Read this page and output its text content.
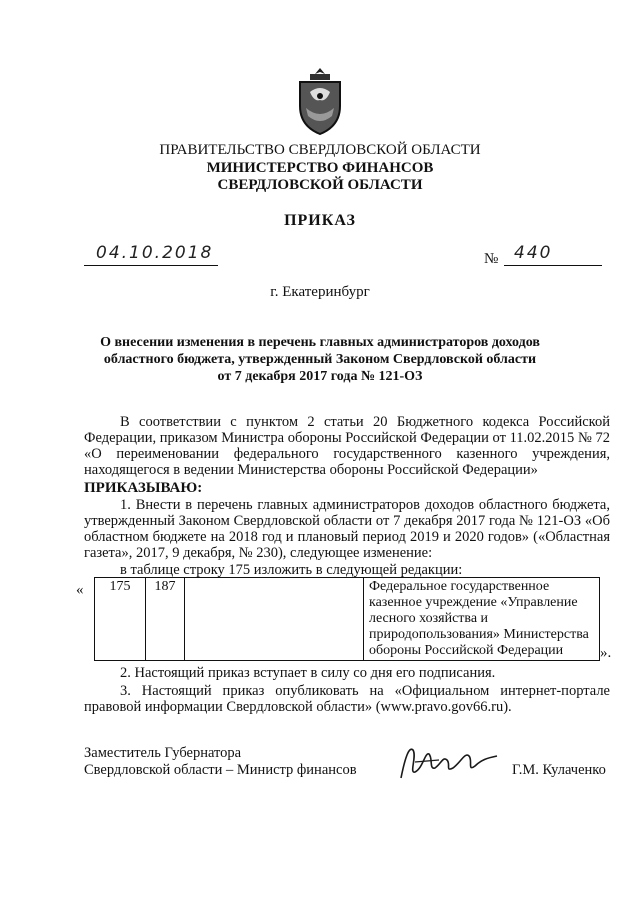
ПРАВИТЕЛЬСТВО СВЕРДЛОВСКОЙ ОБЛАСТИ
МИНИСТЕРСТВО ФИНАНСОВ
СВЕРДЛОВСКОЙ ОБЛАСТИ
ПРИКАЗ
04.10.2018	№ 440
г. Екатеринбург
О внесении изменения в перечень главных администраторов доходов
областного бюджета, утвержденный Законом Свердловской области
от 7 декабря 2017 года № 121-ОЗ

В соответствии с пунктом 2 статьи 20 Бюджетного кодекса Российской Федерации, приказом Министра обороны Российской Федерации от 11.02.2015 № 72 «О переименовании федерального государственного казенного учреждения, находящегося в ведении Министерства обороны Российской Федерации»

ПРИКАЗЫВАЮ:

1. Внести в перечень главных администраторов доходов областного бюджета, утвержденный Законом Свердловской области от 7 декабря 2017 года № 121-ОЗ «Об областном бюджете на 2018 год и плановый период 2019 и 2020 годов» («Областная газета», 2017, 9 декабря, № 230), следующее изменение:

в таблице строку 175 изложить в следующей редакции:
« 175	187		Федеральное государственное казенное учреждение «Управление лесного хозяйства и природопользования» Министерства обороны Российской Федерации ».

2. Настоящий приказ вступает в силу со дня его подписания.

3. Настоящий приказ опубликовать на «Официальном интернет-портале правовой информации Свердловской области» (www.pravo.gov66.ru).

Заместитель Губернатора
Свердловской области – Министр финансов	Г.М. Кулаченко
